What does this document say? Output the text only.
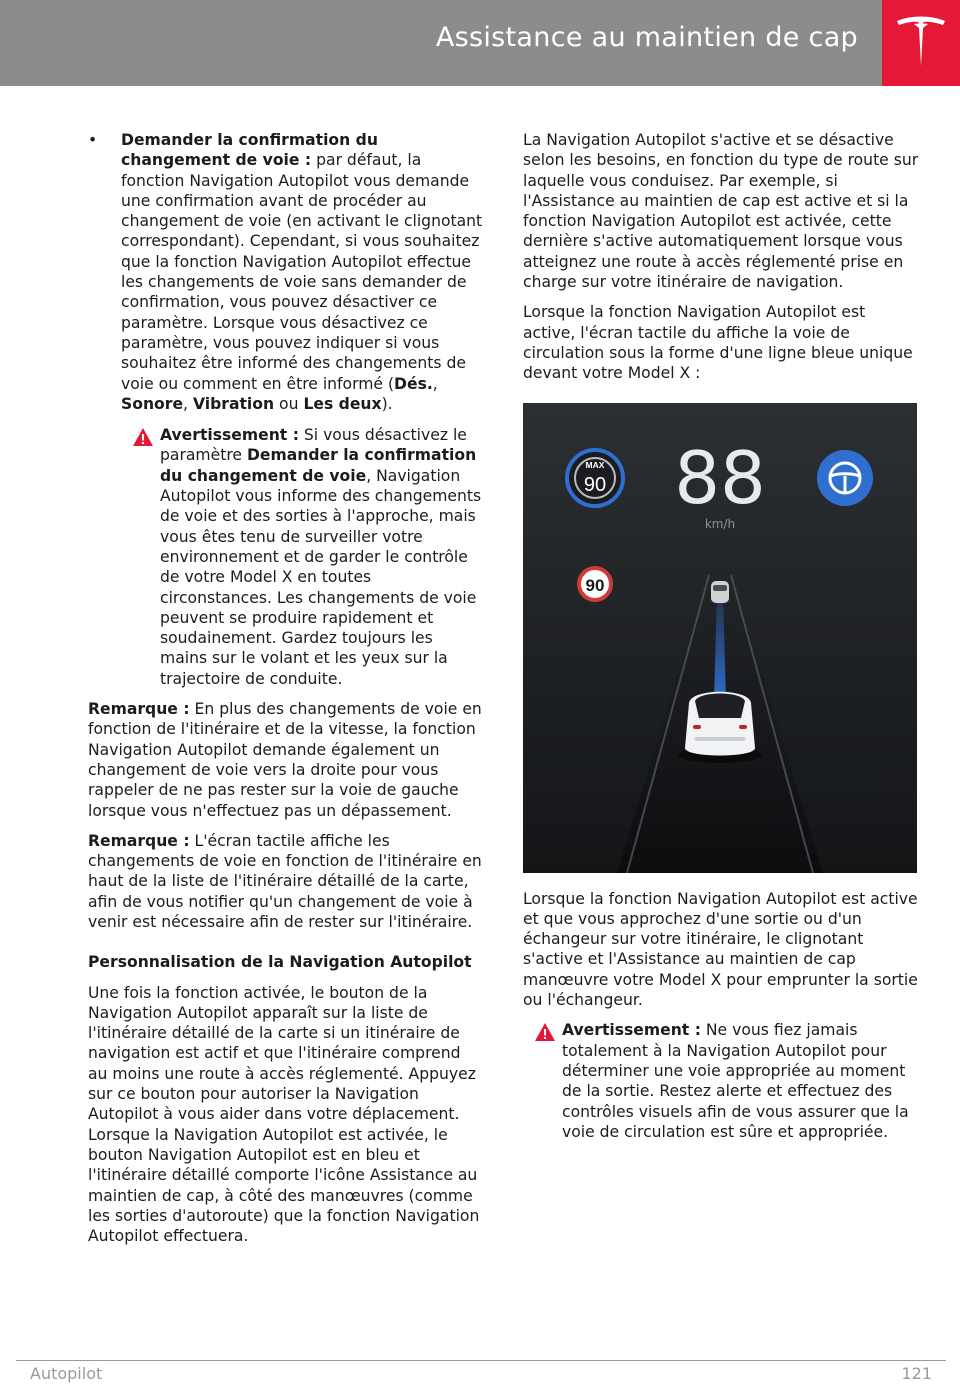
Assistance au maintien de cap
• Demander la confirmation du changement de voie : par défaut, la fonction Navigation Autopilot vous demande une confirmation avant de procéder au changement de voie (en activant le clignotant correspondant). Cependant, si vous souhaitez que la fonction Navigation Autopilot effectue les changements de voie sans demander de confirmation, vous pouvez désactiver ce paramètre. Lorsque vous désactivez ce paramètre, vous pouvez indiquer si vous souhaitez être informé des changements de voie ou comment en être informé (Dés., Sonore, Vibration ou Les deux).
Avertissement : Si vous désactivez le paramètre Demander la confirmation du changement de voie, Navigation Autopilot vous informe des changements de voie et des sorties à l'approche, mais vous êtes tenu de surveiller votre environnement et de garder le contrôle de votre Model X en toutes circonstances. Les changements de voie peuvent se produire rapidement et soudainement. Gardez toujours les mains sur le volant et les yeux sur la trajectoire de conduite.

Remarque : En plus des changements de voie en fonction de l'itinéraire et de la vitesse, la fonction Navigation Autopilot demande également un changement de voie vers la droite pour vous rappeler de ne pas rester sur la voie de gauche lorsque vous n'effectuez pas un dépassement.

Remarque : L'écran tactile affiche les changements de voie en fonction de l'itinéraire en haut de la liste de l'itinéraire détaillé de la carte, afin de vous notifier qu'un changement de voie à venir est nécessaire afin de rester sur l'itinéraire.

Personnalisation de la Navigation Autopilot

Une fois la fonction activée, le bouton de la Navigation Autopilot apparaît sur la liste de l'itinéraire détaillé de la carte si un itinéraire de navigation est actif et que l'itinéraire comprend au moins une route à accès réglementé. Appuyez sur ce bouton pour autoriser la Navigation Autopilot à vous aider dans votre déplacement. Lorsque la Navigation Autopilot est activée, le bouton Navigation Autopilot est en bleu et l'itinéraire détaillé comporte l'icône Assistance au maintien de cap, à côté des manœuvres (comme les sorties d'autoroute) que la fonction Navigation Autopilot effectuera.

La Navigation Autopilot s'active et se désactive selon les besoins, en fonction du type de route sur laquelle vous conduisez. Par exemple, si l'Assistance au maintien de cap est active et si la fonction Navigation Autopilot est activée, cette dernière s'active automatiquement lorsque vous atteignez une route à accès réglementé prise en charge sur votre itinéraire de navigation.

Lorsque la fonction Navigation Autopilot est active, l'écran tactile du affiche la voie de circulation sous la forme d'une ligne bleue unique devant votre Model X :

MAX
90 88
km/h
90

Lorsque la fonction Navigation Autopilot est active et que vous approchez d'une sortie ou d'un échangeur sur votre itinéraire, le clignotant s'active et l'Assistance au maintien de cap manœuvre votre Model X pour emprunter la sortie ou l'échangeur.

Avertissement : Ne vous fiez jamais totalement à la Navigation Autopilot pour déterminer une voie appropriée au moment de la sortie. Restez alerte et effectuez des contrôles visuels afin de vous assurer que la voie de circulation est sûre et appropriée.
Autopilot	121
